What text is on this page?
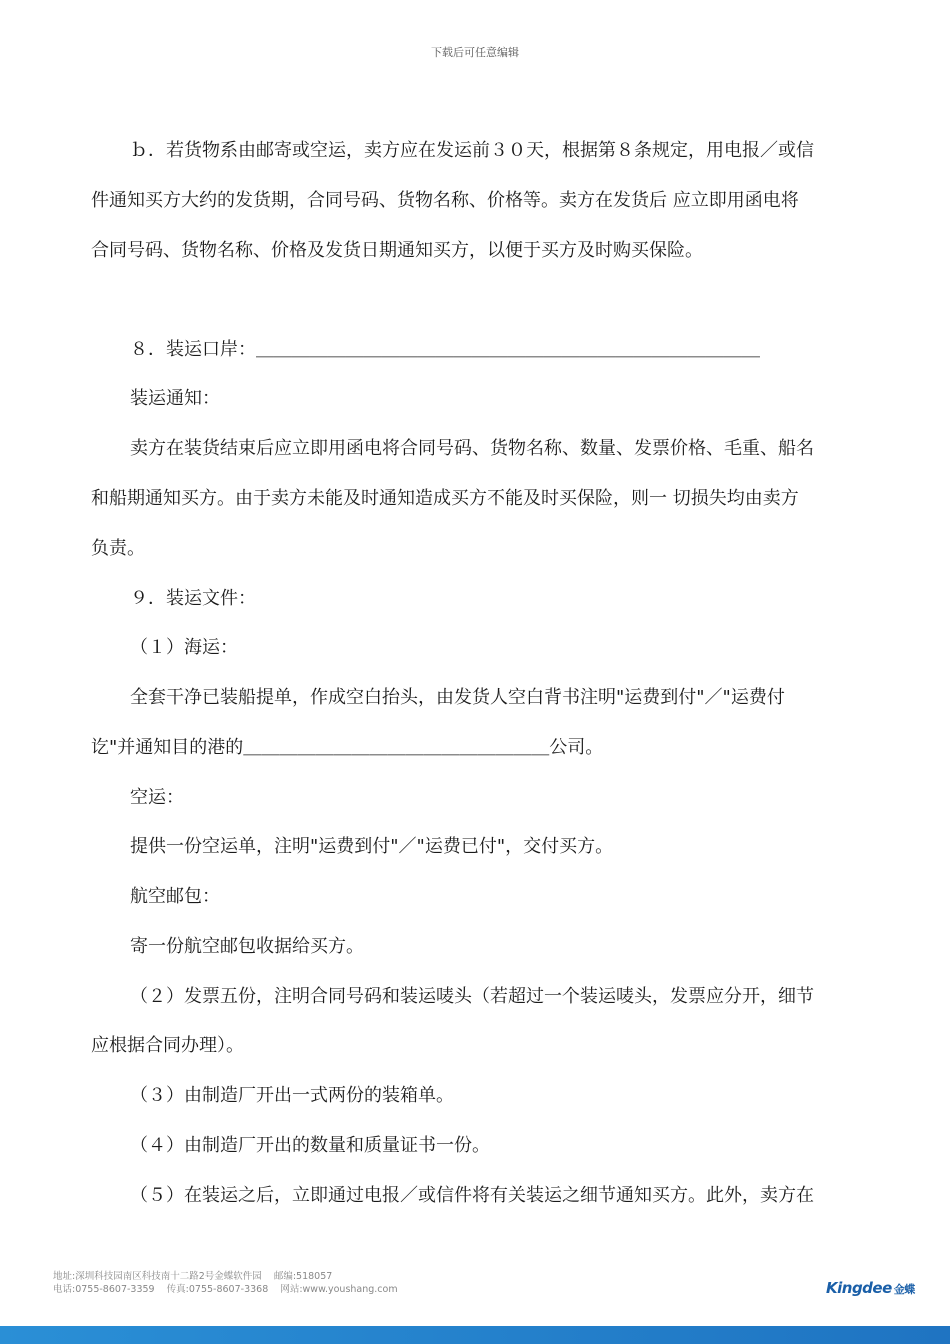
下载后可任意编辑

ｂ．若货物系由邮寄或空运，卖方应在发运前３０天，根据第８条规定，用电报／或信

件通知买方大约的发货期，合同号码、货物名称、价格等。卖方在发货后 应立即用函电将

合同号码、货物名称、价格及发货日期通知买方，以便于买方及时购买保险。

８．装运口岸：＿＿＿＿＿＿＿＿＿＿＿＿＿＿＿＿＿＿＿＿＿＿＿＿＿＿＿＿

装运通知：

卖方在装货结束后应立即用函电将合同号码、货物名称、数量、发票价格、毛重、船名

和船期通知买方。由于卖方未能及时通知造成买方不能及时买保险，则一 切损失均由卖方

负责。

９．装运文件：

（１）海运：

全套干净已装船提单，作成空白抬头，由发货人空白背书注明"运费到付"／"运费付

讫"并通知目的港的＿＿＿＿＿＿＿＿＿＿＿＿＿＿＿＿＿公司。

空运：

提供一份空运单，注明"运费到付"／"运费已付"，交付买方。

航空邮包：

寄一份航空邮包收据给买方。

（２）发票五份，注明合同号码和装运唛头（若超过一个装运唛头，发票应分开，细节

应根据合同办理）。

（３）由制造厂开出一式两份的装箱单。

（４）由制造厂开出的数量和质量证书一份。

（５）在装运之后，立即通过电报／或信件将有关装运之细节通知买方。此外，卖方在

地址:深圳科技园南区科技南十二路2号金蝶软件园    邮编:518057
电话:0755-8607-3359    传真:0755-8607-3368    网站:www.youshang.com	Kingdee 金蝶
